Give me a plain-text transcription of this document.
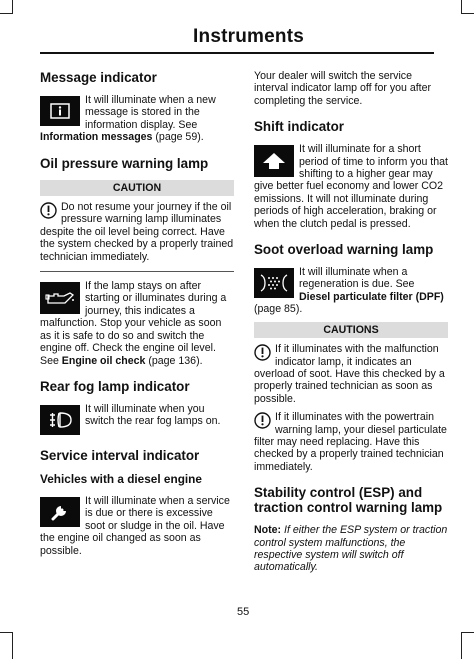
Instruments
Message indicator
It will illuminate when a new message is stored in the information display. See Information messages (page 59).
Oil pressure warning lamp
CAUTION
Do not resume your journey if the oil pressure warning lamp illuminates despite the oil level being correct. Have the system checked by a properly trained technician immediately.
If the lamp stays on after starting or illuminates during a journey, this indicates a malfunction. Stop your vehicle as soon as it is safe to do so and switch the engine off. Check the engine oil level. See Engine oil check (page 136).
Rear fog lamp indicator
It will illuminate when you switch the rear fog lamps on.
Service interval indicator
Vehicles with a diesel engine
It will illuminate when a service is due or there is excessive soot or sludge in the oil. Have the engine oil changed as soon as possible.

Your dealer will switch the service interval indicator lamp off for you after completing the service.

Shift indicator
It will illuminate for a short period of time to inform you that shifting to a higher gear may give better fuel economy and lower CO2 emissions. It will not illuminate during periods of high acceleration, braking or when the clutch pedal is pressed.
Soot overload warning lamp
It will illuminate when a regeneration is due. See Diesel particulate filter (DPF) (page 85).
CAUTIONS
If it illuminates with the malfunction indicator lamp, it indicates an overload of soot. Have this checked by a properly trained technician as soon as possible.
If it illuminates with the powertrain warning lamp, your diesel particulate filter may need replacing. Have this checked by a properly trained technician immediately.
Stability control (ESP) and traction control warning lamp

Note: If either the ESP system or traction control system malfunctions, the respective system will switch off automatically.

55
